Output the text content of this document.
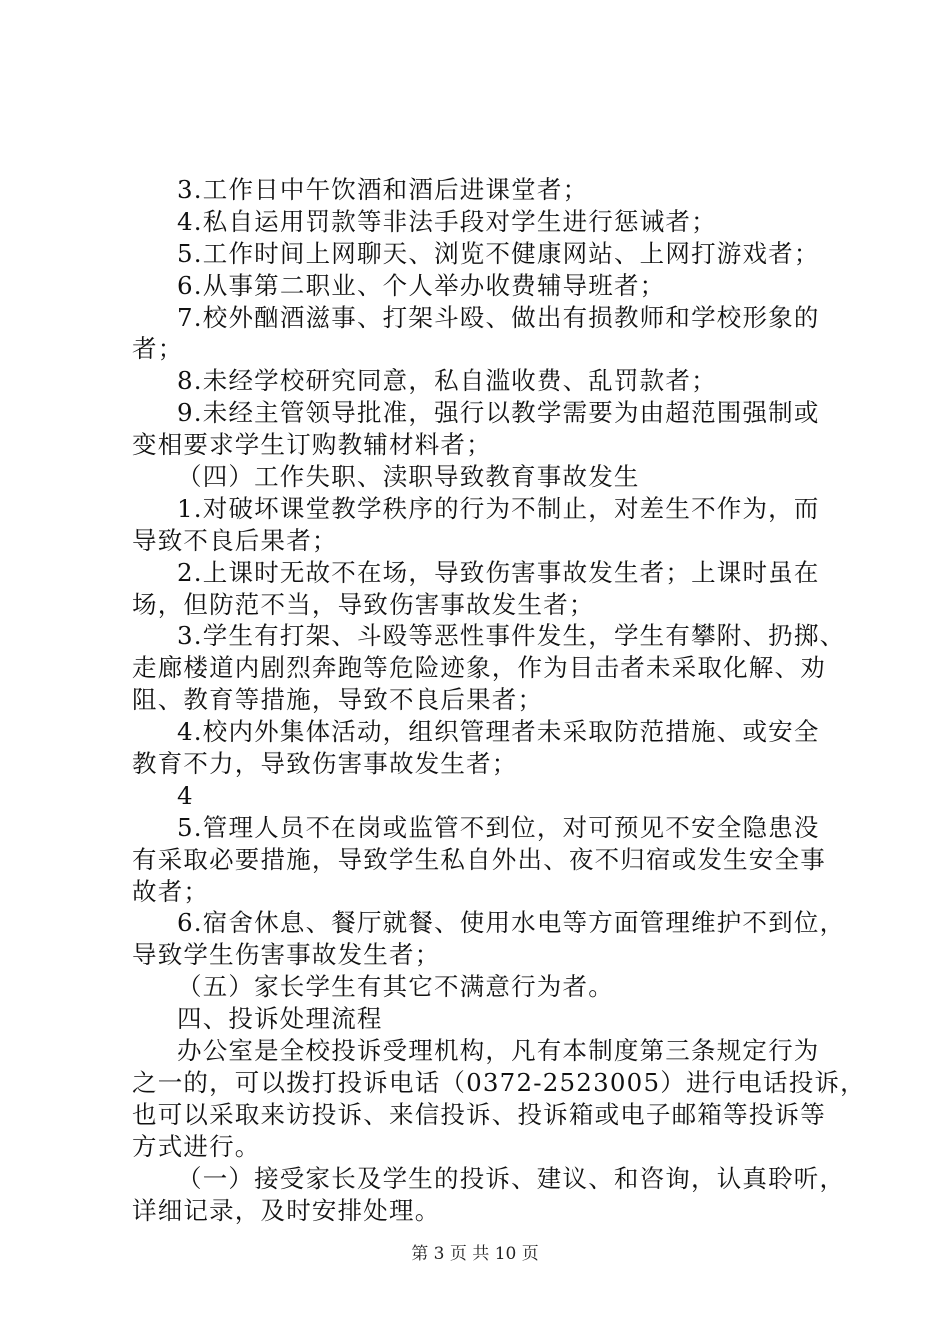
3.工作日中午饮酒和酒后进课堂者；
4.私自运用罚款等非法手段对学生进行惩诫者；
5.工作时间上网聊天、浏览不健康网站、上网打游戏者；
6.从事第二职业、个人举办收费辅导班者；
7.校外酗酒滋事、打架斗殴、做出有损教师和学校形象的
者；
8.未经学校研究同意，私自滥收费、乱罚款者；
9.未经主管领导批准，强行以教学需要为由超范围强制或
变相要求学生订购教辅材料者；
（四）工作失职、渎职导致教育事故发生
1.对破坏课堂教学秩序的行为不制止，对差生不作为，而
导致不良后果者；
2.上课时无故不在场，导致伤害事故发生者；上课时虽在
场，但防范不当，导致伤害事故发生者；
3.学生有打架、斗殴等恶性事件发生，学生有攀附、扔掷、
走廊楼道内剧烈奔跑等危险迹象，作为目击者未采取化解、劝
阻、教育等措施，导致不良后果者；
4.校内外集体活动，组织管理者未采取防范措施、或安全
教育不力，导致伤害事故发生者；
4
5.管理人员不在岗或监管不到位，对可预见不安全隐患没
有采取必要措施，导致学生私自外出、夜不归宿或发生安全事
故者；
6.宿舍休息、餐厅就餐、使用水电等方面管理维护不到位，
导致学生伤害事故发生者；
（五）家长学生有其它不满意行为者。
四、投诉处理流程
办公室是全校投诉受理机构，凡有本制度第三条规定行为
之一的，可以拨打投诉电话（0372-2523005）进行电话投诉，
也可以采取来访投诉、来信投诉、投诉箱或电子邮箱等投诉等
方式进行。
（一）接受家长及学生的投诉、建议、和咨询，认真聆听，
详细记录，及时安排处理。
第 3 页 共 10 页
